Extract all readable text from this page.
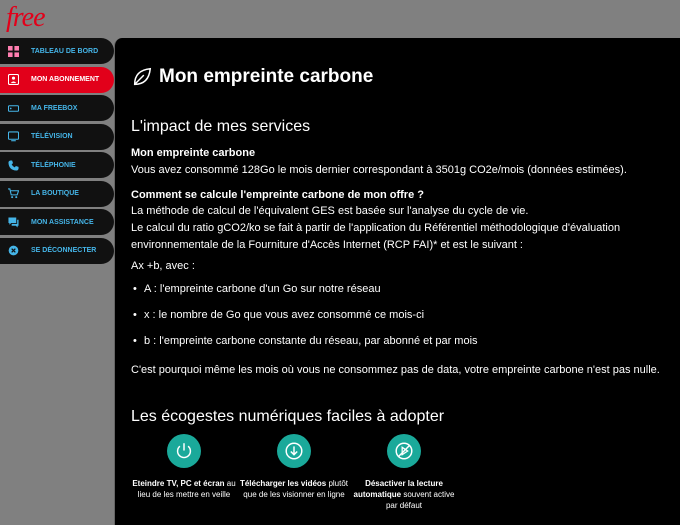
free
TABLEAU DE BORD
MON ABONNEMENT
MA FREEBOX
TÉLÉVISION
TÉLÉPHONIE
LA BOUTIQUE
MON ASSISTANCE
SE DÉCONNECTER
Mon empreinte carbone
L'impact de mes services
Mon empreinte carbone
Vous avez consommé 128Go le mois dernier correspondant à 3501g CO2e/mois (données estimées).
Comment se calcule l'empreinte carbone de mon offre ?
La méthode de calcul de l'équivalent GES est basée sur l'analyse du cycle de vie.
Le calcul du ratio gCO2/ko se fait à partir de l'application du Référentiel méthodologique d'évaluation
environnementale de la Fourniture d'Accès Internet (RCP FAI)* et est le suivant :
Ax +b, avec :
• A : l'empreinte carbone d'un Go sur notre réseau
• x : le nombre de Go que vous avez consommé ce mois-ci
• b : l'empreinte carbone constante du réseau, par abonné et par mois
C'est pourquoi même les mois où vous ne consommez pas de data, votre empreinte carbone n'est pas nulle.
Les écogestes numériques faciles à adopter
Eteindre TV, PC et écran au lieu de les mettre en veille
Télécharger les vidéos plutôt que de les visionner en ligne
Désactiver la lecture automatique souvent active par défaut
